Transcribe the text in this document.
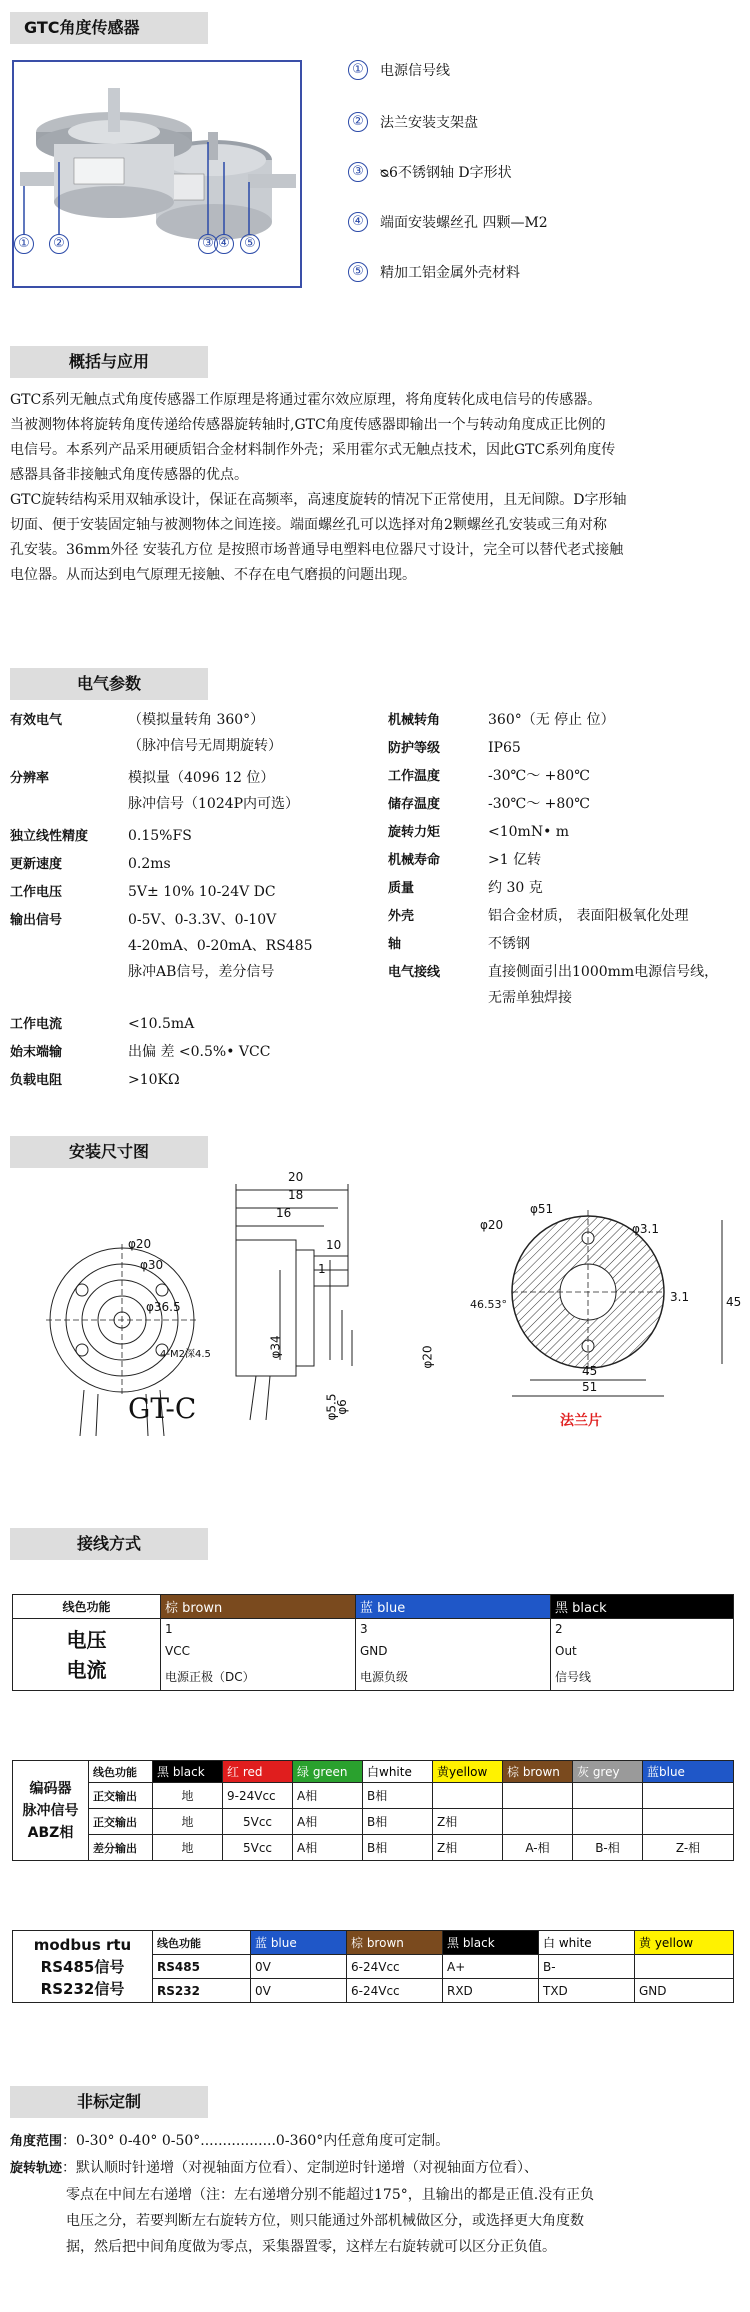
GTC角度传感器
①	②	③ ④	⑤
① 电源信号线
② 法兰安装支架盘
③ ᴓ6不锈钢轴 D字形状
④ 端面安装螺丝孔 四颗—M2
⑤ 精加工铝金属外壳材料
概括与应用
GTC系列无触点式角度传感器工作原理是将通过霍尔效应原理，将角度转化成电信号的传感器。
当被测物体将旋转角度传递给传感器旋转轴时,GTC角度传感器即输出一个与转动角度成正比例的
电信号。本系列产品采用硬质铝合金材料制作外壳；采用霍尔式无触点技术，因此GTC系列角度传
感器具备非接触式角度传感器的优点。
GTC旋转结构采用双轴承设计，保证在高频率，高速度旋转的情况下正常使用，且无间隙。D字形轴
切面、便于安装固定轴与被测物体之间连接。端面螺丝孔可以选择对角2颗螺丝孔安装或三角对称
孔安装。36mm外径 安装孔方位 是按照市场普通导电塑料电位器尺寸设计，完全可以替代老式接触
电位器。从而达到电气原理无接触、不存在电气磨损的问题出现。
电气参数
有效电气	（模拟量转角 360°）
（脉冲信号无周期旋转）
分辨率	模拟量（4096 12 位）
脉冲信号（1024P内可选）
独立线性精度	0.15%FS
更新速度	0.2ms
工作电压	5V± 10% 10-24V DC
输出信号	0-5V、0-3.3V、0-10V
4-20mA、0-20mA、RS485
脉冲AB信号，差分信号
工作电流	<10.5mA
始末端输	出偏 差 <0.5%• VCC
负载电阻	>10KΩ
机械转角	360°（无 停止 位）
防护等级	IP65
工作温度	-30℃～ +80℃
储存温度	-30℃～ +80℃
旋转力矩	<10mN• m
机械寿命	>1 亿转
质量	约 30 克
外壳	铝合金材质， 表面阳极氧化处理
轴	不锈钢
电气接线	直接侧面引出1000mm电源信号线，
无需单独焊接
安装尺寸图
φ20
φ30
φ36.5
4-M2深4.5
GT-C
20
18
16
10
1
φ34	φ20
φ5.5
φ6
φ20
φ51
φ3.1
46.53°
3.1	45
45
51
法兰片
接线方式
线色功能	棕 brown	蓝 blue	黑 black

电压
电流	1	3	2
	VCC	GND	Out
	电源正极（DC）	电源负级	信号线
编码器
脉冲信号
ABZ相	线色功能	黑 black	红 red	绿 green	白white	黄yellow	棕 brown	灰 grey	蓝blue
	正交输出	地	9-24Vcc	A相	B相				
	正交输出	地	5Vcc	A相	B相	Z相			
	差分输出	地	5Vcc	A相	B相	Z相	A-相	B-相	Z-相
modbus rtu
RS485信号
RS232信号	线色功能	蓝 blue	棕 brown	黑 black	白 white	黄 yellow
	RS485	0V	6-24Vcc	A+	B-	
	RS232	0V	6-24Vcc	RXD	TXD	GND
非标定制
角度范围：0-30° 0-40° 0-50°.................0-360°内任意角度可定制。
旋转轨迹：默认顺时针递增（对视轴面方位看）、定制逆时针递增（对视轴面方位看）、
零点在中间左右递增（注：左右递增分别不能超过175°，且输出的都是正值.没有正负
电压之分，若要判断左右旋转方位，则只能通过外部机械做区分，或选择更大角度数
据，然后把中间角度做为零点，采集器置零，这样左右旋转就可以区分正负值。
